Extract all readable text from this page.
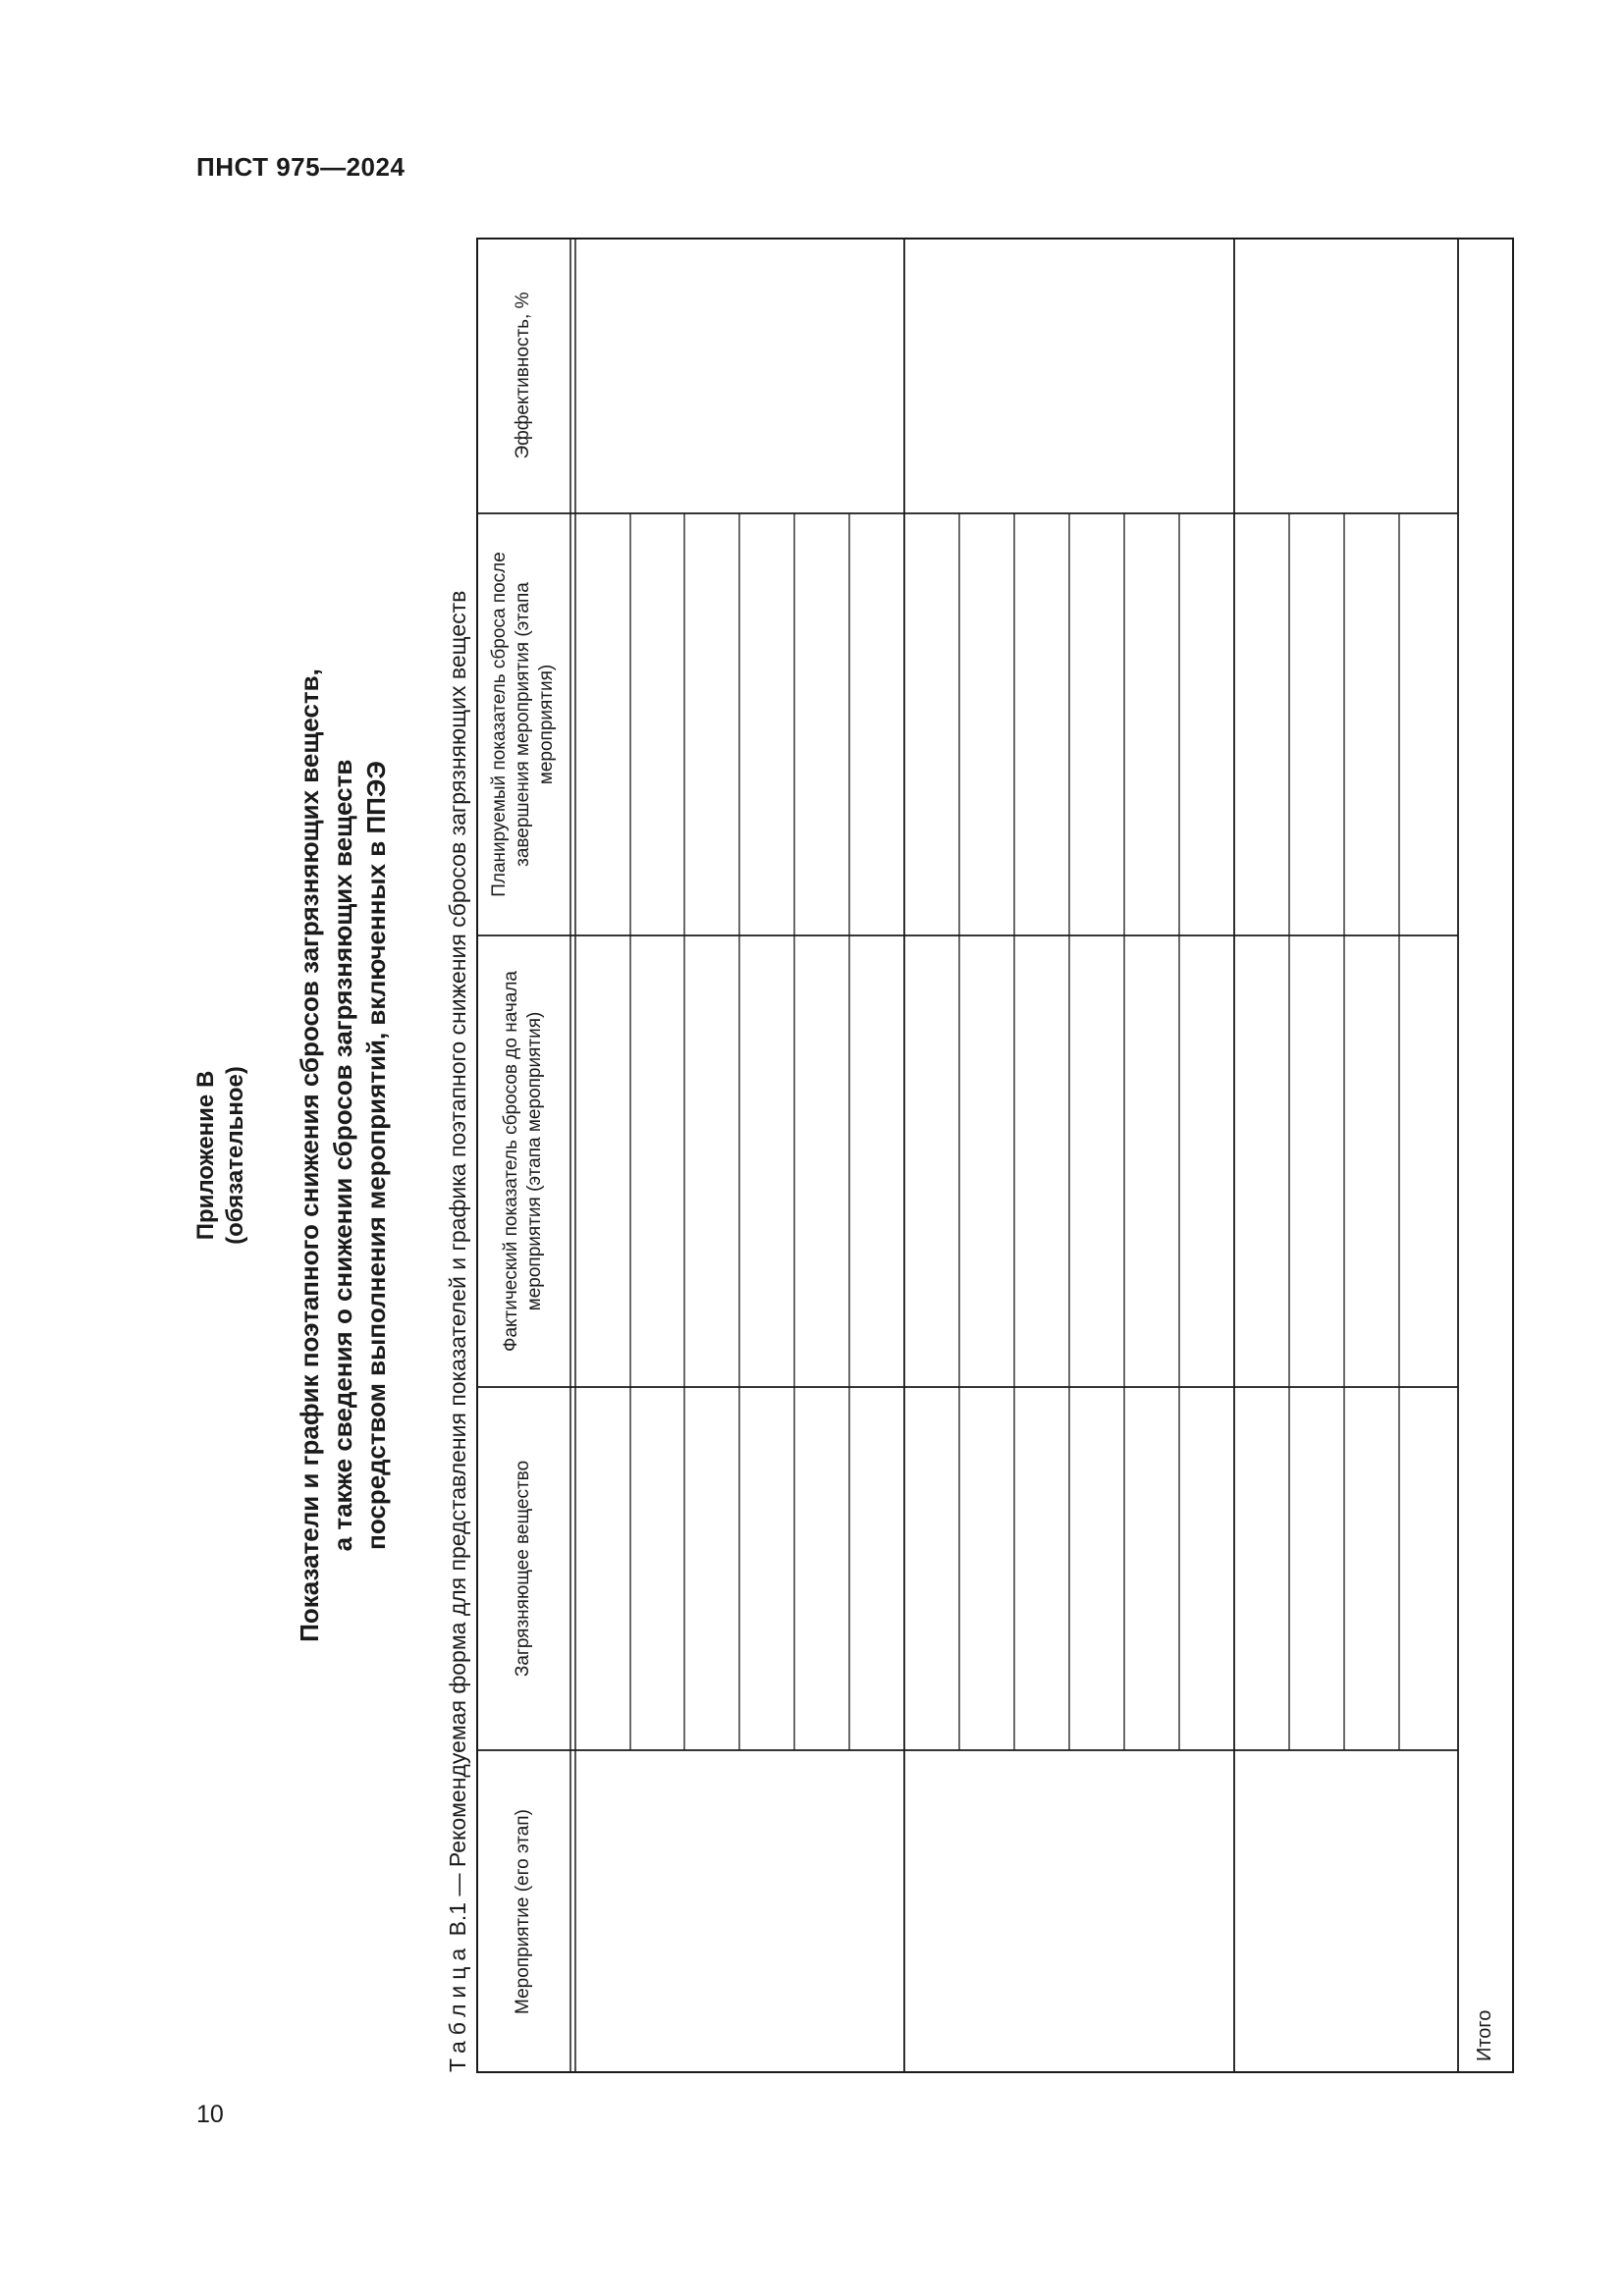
ПНСТ 975—2024
10
Приложение В (обязательное) Показатели и график поэтапного снижения сбросов загрязняющих веществ, а также сведения о снижении сбросов загрязняющих веществ посредством выполнения мероприятий, включенных в ППЭЭ
Таблица В.1 — Рекомендуемая форма для представления показателей и графика поэтапного снижения сбросов загрязняющих веществ	Мероприятие (его этап)
Загрязняющее вещество
Фактический показатель сбросов до начала мероприятия (этапа мероприятия)
Планируемый показатель сброса после завершения мероприятия (этапа мероприятия)
Эффективность, %
Итого
